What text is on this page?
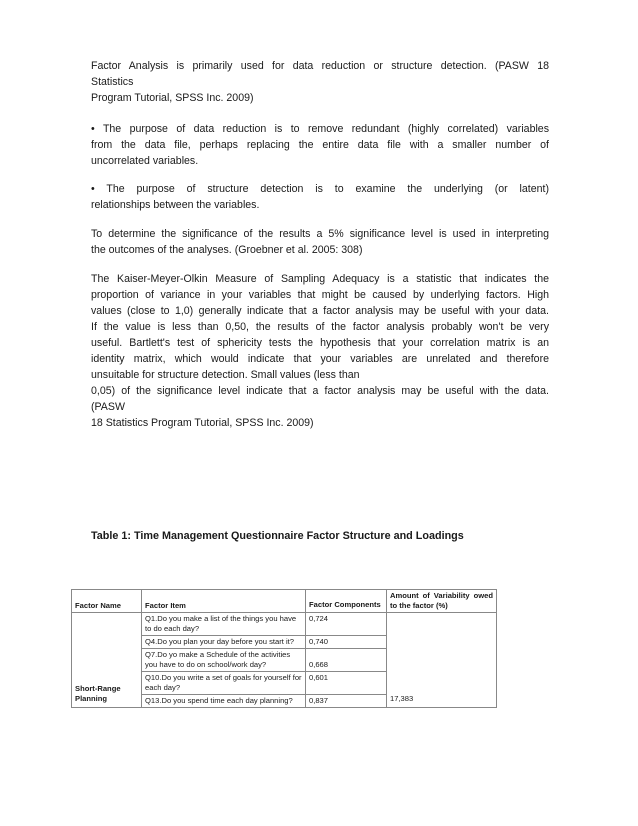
Factor Analysis is primarily used for data reduction or structure detection. (PASW 18
Statistics
Program Tutorial, SPSS Inc. 2009)

• The purpose of data reduction is to remove redundant (highly correlated) variables
from the data file, perhaps replacing the entire data file with a smaller number of
uncorrelated variables.

• The purpose of structure detection is to examine the underlying (or latent)
relationships between the variables.

To determine the significance of the results a 5% significance level is used in interpreting
the outcomes of the analyses. (Groebner et al. 2005: 308)

The Kaiser-Meyer-Olkin Measure of Sampling Adequacy is a statistic that indicates the
proportion of variance in your variables that might be caused by underlying factors. High
values (close to 1,0) generally indicate that a factor analysis may be useful with your data.
If the value is less than 0,50, the results of the factor analysis probably won't be very
useful. Bartlett's test of sphericity tests the hypothesis that your correlation matrix is an
identity matrix, which would indicate that your variables are unrelated and therefore
unsuitable for structure detection. Small values (less than
0,05) of the significance level indicate that a factor analysis may be useful with the data.
(PASW
18 Statistics Program Tutorial, SPSS Inc. 2009)

Table 1: Time Management Questionnaire Factor Structure and Loadings

Factor Name	Factor Item	Factor Components	Amount of Variability owed to the factor (%)
Short-Range Planning	Q1.Do you make a list of the things you have to do each day?	0,724	17,383
	Q4.Do you plan your day before you start it?	0,740	
	Q7.Do yo make a Schedule of the activities you have to do on school/work day?	0,668	
	Q10.Do you write a set of goals for yourself for each day?	0,601	
	Q13.Do you spend time each day planning?	0,837	
